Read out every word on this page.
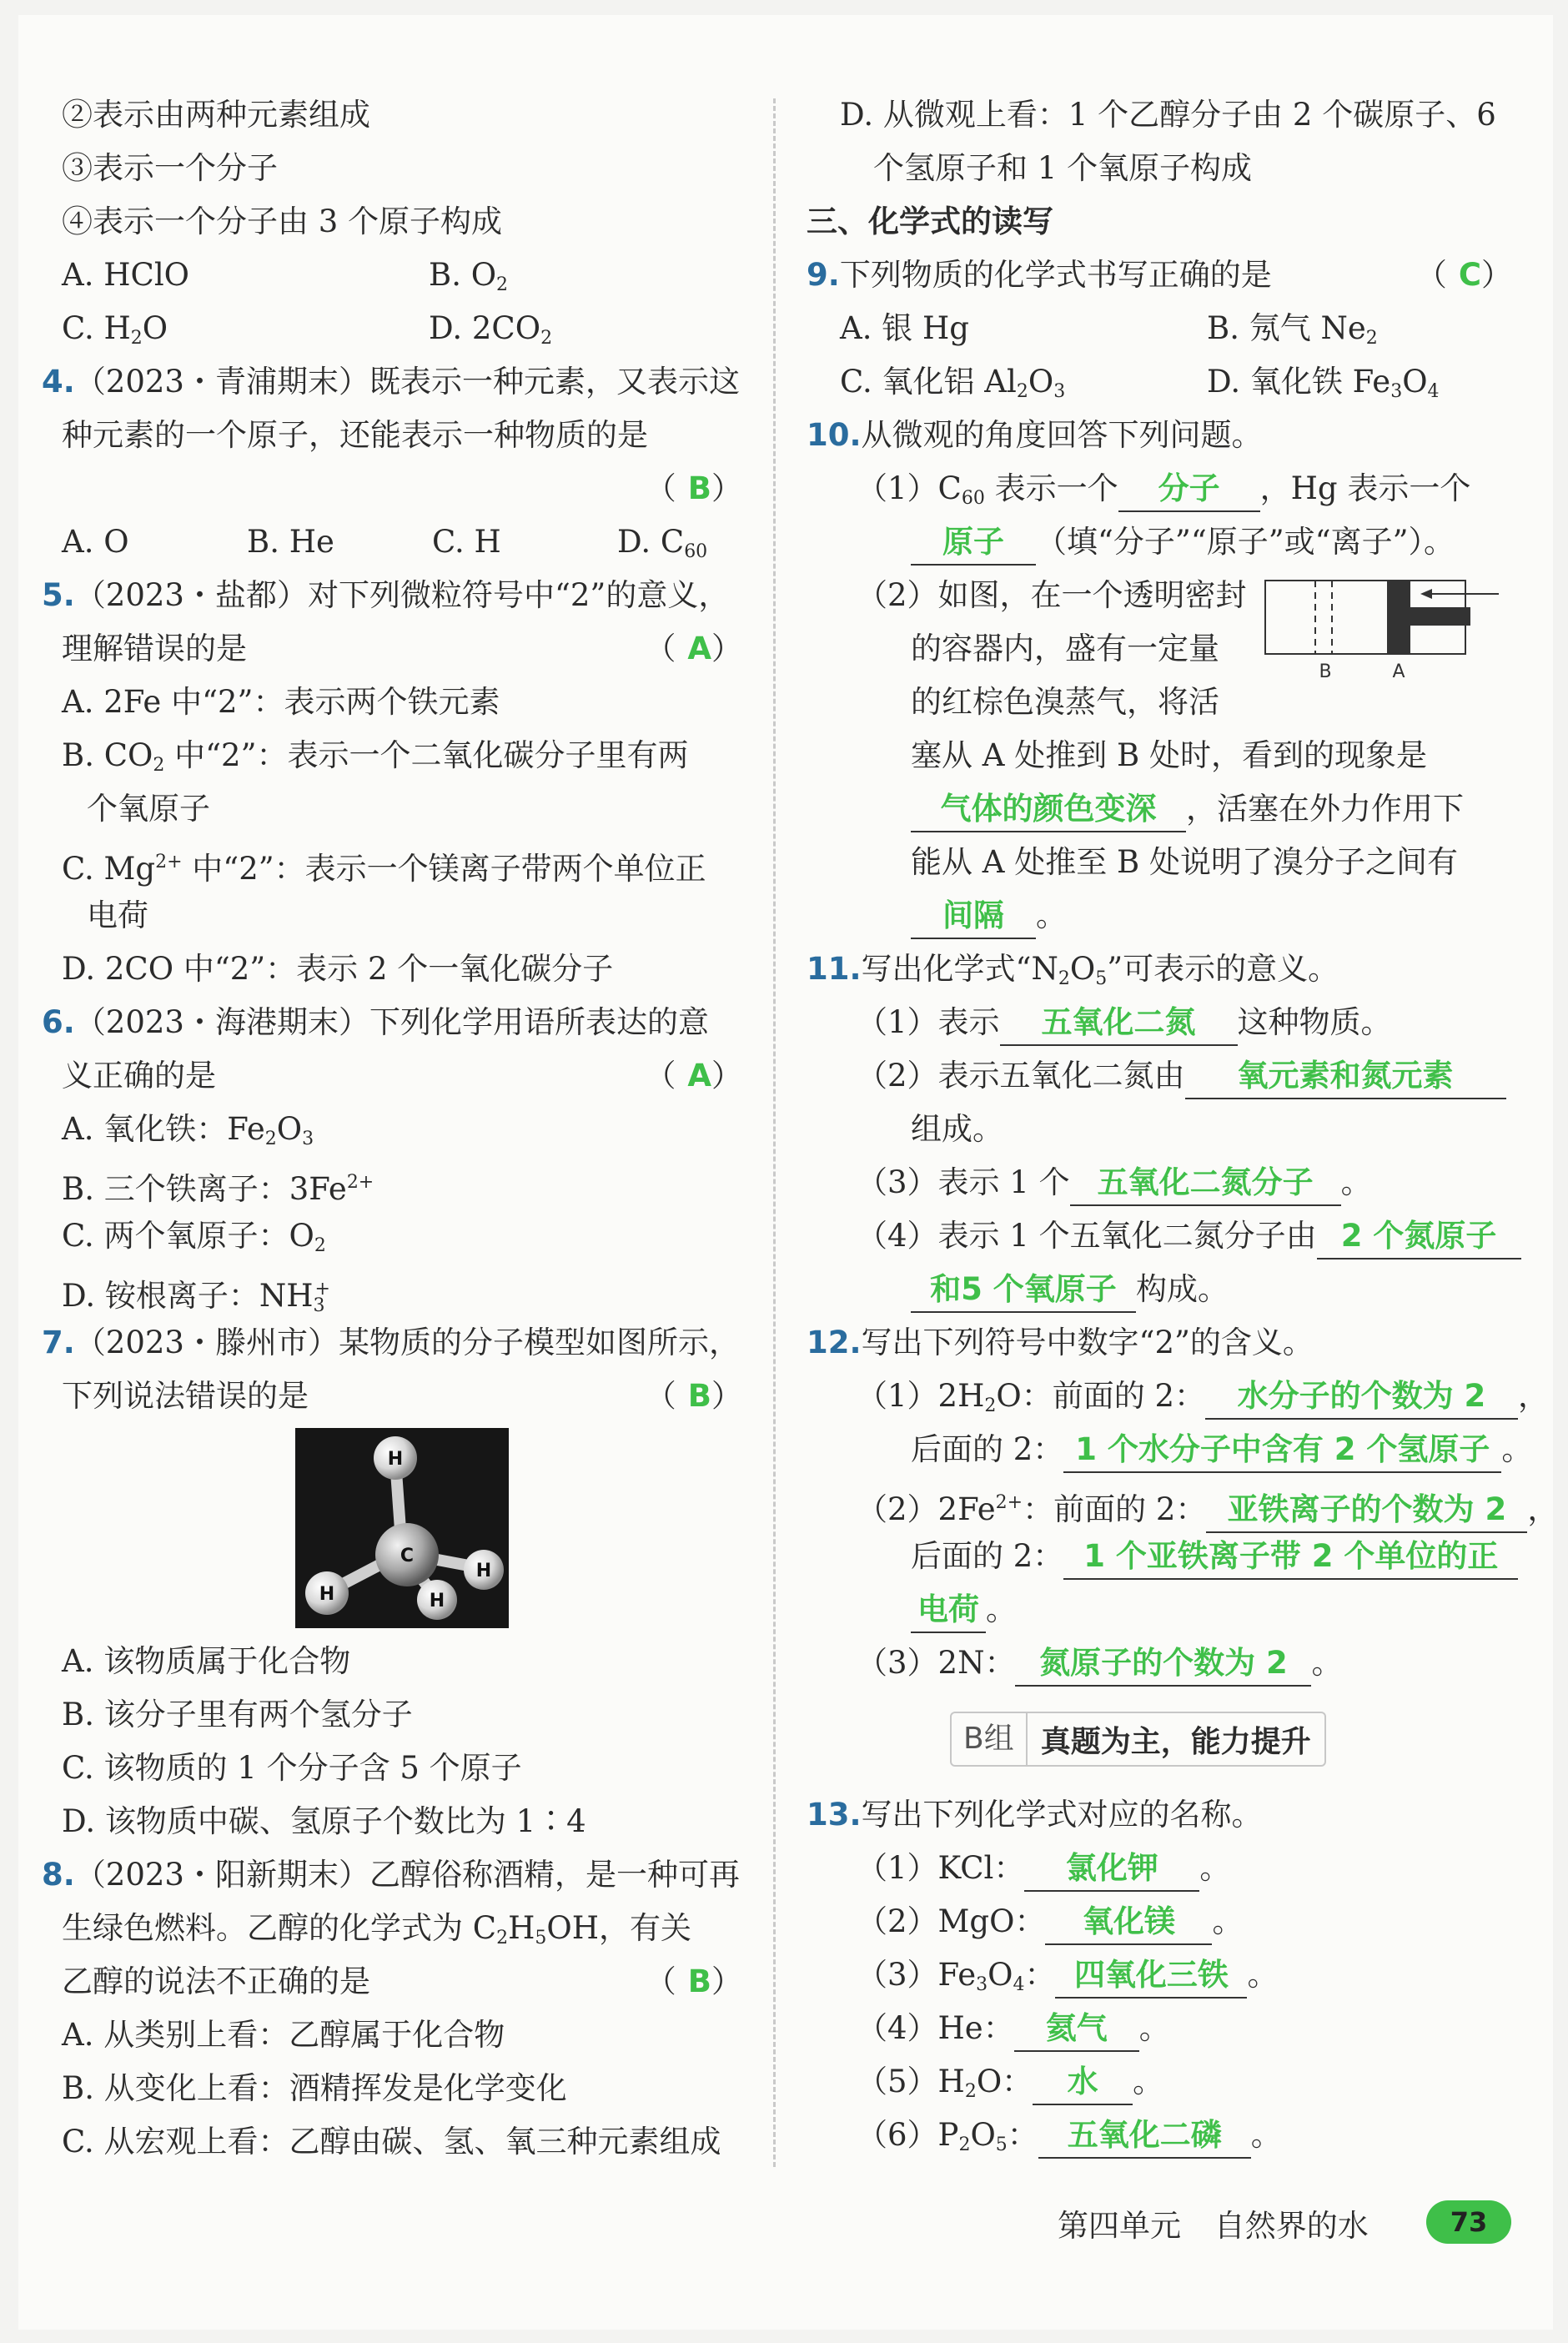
②表示由两种元素组成
③表示一个分子
④表示一个分子由 3 个原子构成
A. HClO	B. $O_2$
C. $H_2O$	D. $2CO_2$
4.（2023・青浦期末）既表示一种元素，又表示这
种元素的一个原子，还能表示一种物质的是
（B）
A. O	B. He	C. H	D. $C_{60}$
5.（2023・盐都）对下列微粒符号中“2”的意义，
理解错误的是	（A）
A. 2Fe 中“2”：表示两个铁元素
B. $CO_2$ 中“2”：表示一个二氧化碳分子里有两
个氧原子
C. $Mg^{2+}$ 中“2”：表示一个镁离子带两个单位正
电荷
D. 2CO 中“2”：表示 2 个一氧化碳分子
6.（2023・海港期末）下列化学用语所表达的意
义正确的是	（A）
A. 氧化铁：$Fe_2O_3$
B. 三个铁离子：$3Fe^{2+}$
C. 两个氧原子：$O_2$
D. 铵根离子：$NH_3^+$
7.（2023・滕州市）某物质的分子模型如图所示，
下列说法错误的是	（B）
H
H
H
H
C
A. 该物质属于化合物
B. 该分子里有两个氢分子
C. 该物质的 1 个分子含 5 个原子
D. 该物质中碳、氢原子个数比为 1∶4
8.（2023・阳新期末）乙醇俗称酒精，是一种可再
生绿色燃料。乙醇的化学式为 $C_2H_5OH$，有关
乙醇的说法不正确的是	（B）
A. 从类别上看：乙醇属于化合物
B. 从变化上看：酒精挥发是化学变化
C. 从宏观上看：乙醇由碳、氢、氧三种元素组成
D. 从微观上看：1 个乙醇分子由 2 个碳原子、6
个氢原子和 1 个氧原子构成
三、化学式的读写
9.下列物质的化学式书写正确的是	（C）
A. 银 Hg	B. 氖气 $Ne_2$
C. 氧化铝 $Al_2O_3$	D. 氧化铁 $Fe_3O_4$
10.从微观的角度回答下列问题。
$(1)C_{60}$ 表示一个 分子 ，Hg 表示一个
原子 （填“分子”“原子”或“离子”）。
（2）如图，在一个透明密封
的容器内，盛有一定量
的红棕色溴蒸气，将活
B	A
塞从 A 处推到 B 处时，看到的现象是
气体的颜色变深 ，活塞在外力作用下
能从 A 处推至 B 处说明了溴分子之间有
间隔 。
11.写出化学式“$N_2O_5$”可表示的意义。
（1）表示 五氧化二氮 这种物质。
（2）表示五氧化二氮由 氧元素和氮元素
组成。
（3）表示 1 个 五氧化二氮分子 。
（4）表示 1 个五氧化二氮分子由 2 个氮原子
和5 个氧原子 构成。
12.写出下列符号中数字“2”的含义。
$(1)2H_2O$：前面的 2： 水分子的个数为 2 ，
后面的 2： 1 个水分子中含有 2 个氢原子 。
$(2)2Fe^{2+}$：前面的 2： 亚铁离子的个数为 2 ，
后面的 2： 1 个亚铁离子带 2 个单位的正
电荷 。
（3）2N： 氮原子的个数为 2 。
B组 真题为主，能力提升
13.写出下列化学式对应的名称。
（1）KCl： 氯化钾 。
（2）MgO： 氧化镁 。
$(3)Fe_3O_4$： 四氧化三铁 。
（4）He： 氦气 。
$(5)H_2O$： 水 。
$(6)P_2O_5$： 五氧化二磷 。
第四单元 自然界的水	73
